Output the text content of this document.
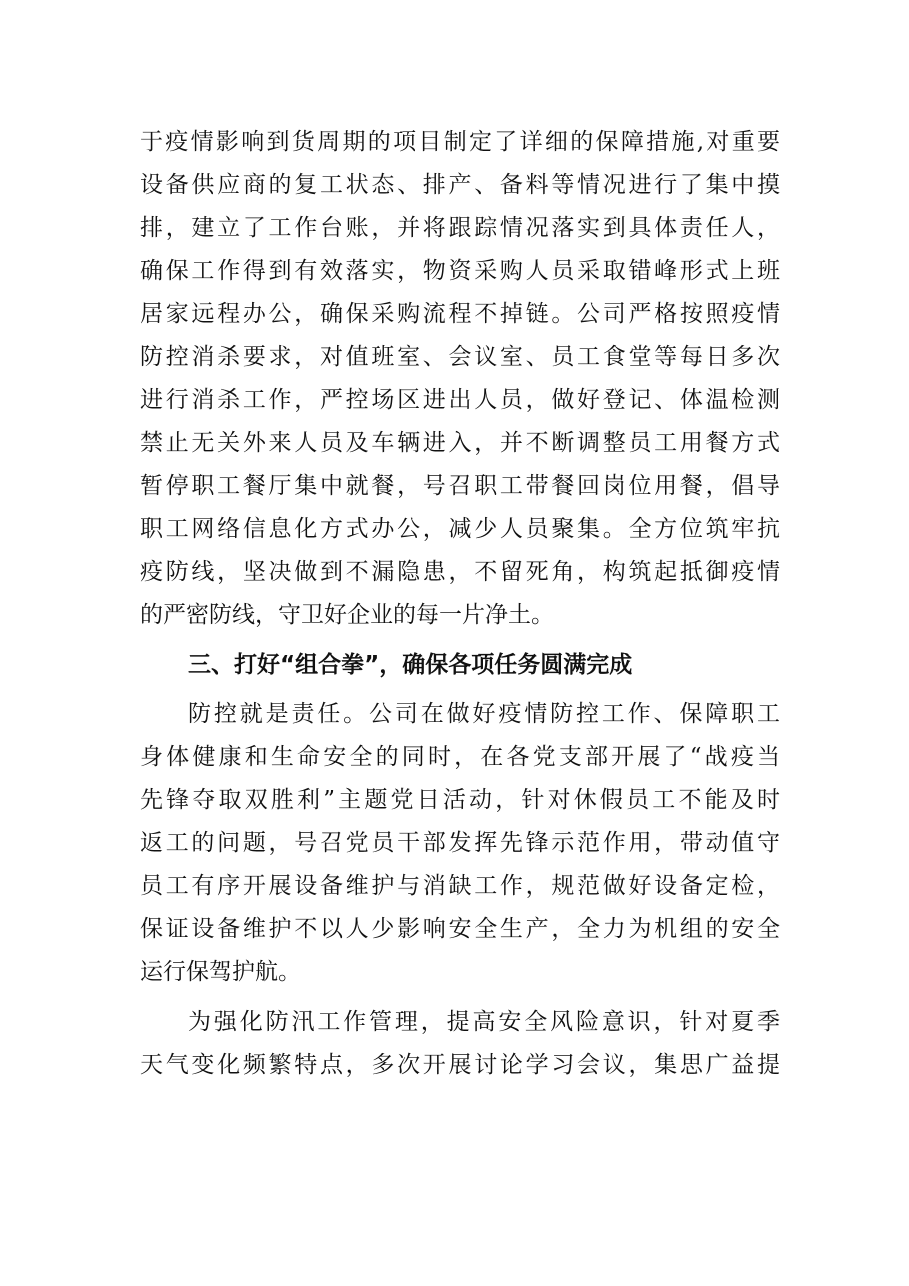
于疫情影响到货周期的项目制定了详细的保障措施,对重要
设备供应商的复工状态、排产、备料等情况进行了集中摸
排，建立了工作台账，并将跟踪情况落实到具体责任人，
确保工作得到有效落实，物资采购人员采取错峰形式上班
居家远程办公，确保采购流程不掉链。公司严格按照疫情
防控消杀要求，对值班室、会议室、员工食堂等每日多次
进行消杀工作，严控场区进出人员，做好登记、体温检测
禁止无关外来人员及车辆进入，并不断调整员工用餐方式
暂停职工餐厅集中就餐，号召职工带餐回岗位用餐，倡导
职工网络信息化方式办公，减少人员聚集。全方位筑牢抗
疫防线，坚决做到不漏隐患，不留死角，构筑起抵御疫情
的严密防线，守卫好企业的每一片净土。
三、打好“组合拳”，确保各项任务圆满完成
防控就是责任。公司在做好疫情防控工作、保障职工
身体健康和生命安全的同时，在各党支部开展了“战疫当
先锋夺取双胜利”主题党日活动，针对休假员工不能及时
返工的问题，号召党员干部发挥先锋示范作用，带动值守
员工有序开展设备维护与消缺工作，规范做好设备定检，
保证设备维护不以人少影响安全生产，全力为机组的安全
运行保驾护航。
为强化防汛工作管理，提高安全风险意识，针对夏季
天气变化频繁特点，多次开展讨论学习会议，集思广益提
